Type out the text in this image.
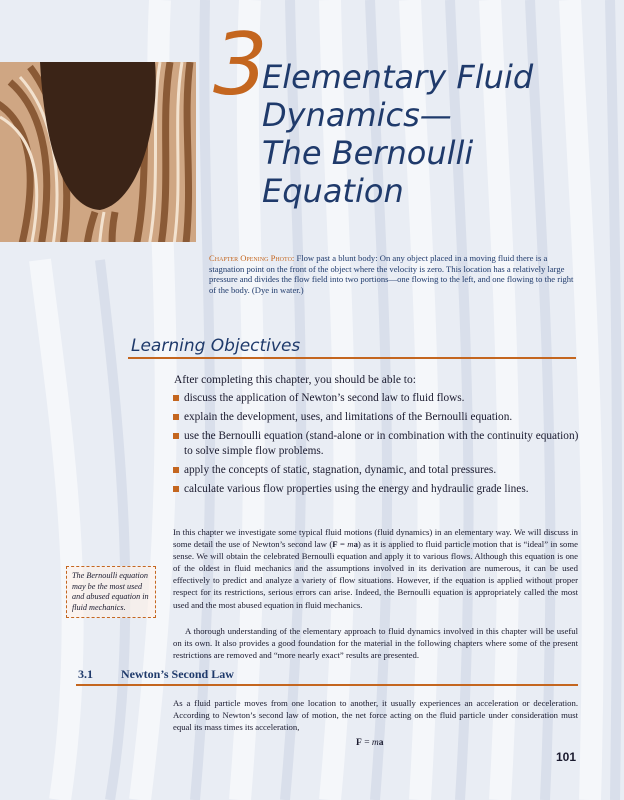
3
Elementary Fluid
Dynamics—
The Bernoulli
Equation

Chapter Opening Photo: Flow past a blunt body: On any object placed in a moving fluid there is a stagnation point on the front of the object where the velocity is zero. This location has a relatively large pressure and divides the flow field into two portions—one flowing to the left, and one flowing to the right of the body. (Dye in water.)

Learning Objectives

After completing this chapter, you should be able to:

discuss the application of Newton’s second law to fluid flows.
explain the development, uses, and limitations of the Bernoulli equation.
use the Bernoulli equation (stand-alone or in combination with the continuity equation) to solve simple flow problems.
apply the concepts of static, stagnation, dynamic, and total pressures.
calculate various flow properties using the energy and hydraulic grade lines.

In this chapter we investigate some typical fluid motions (fluid dynamics) in an elementary way. We will discuss in some detail the use of Newton’s second law (F = ma) as it is applied to fluid particle motion that is “ideal” in some sense. We will obtain the celebrated Bernoulli equation and apply it to various flows. Although this equation is one of the oldest in fluid mechanics and the assumptions involved in its derivation are numerous, it can be used effectively to predict and analyze a variety of flow situations. However, if the equation is applied without proper respect for its restrictions, serious errors can arise. Indeed, the Bernoulli equation is appropriately called the most used and the most abused equation in fluid mechanics.

A thorough understanding of the elementary approach to fluid dynamics involved in this chapter will be useful on its own. It also provides a good foundation for the material in the following chapters where some of the present restrictions are removed and “more nearly exact” results are presented.

The Bernoulli equation may be the most used and abused equation in fluid mechanics.

3.1 Newton’s Second Law

As a fluid particle moves from one location to another, it usually experiences an acceleration or deceleration. According to Newton’s second law of motion, the net force acting on the fluid particle under consideration must equal its mass times its acceleration,

F = ma
101
